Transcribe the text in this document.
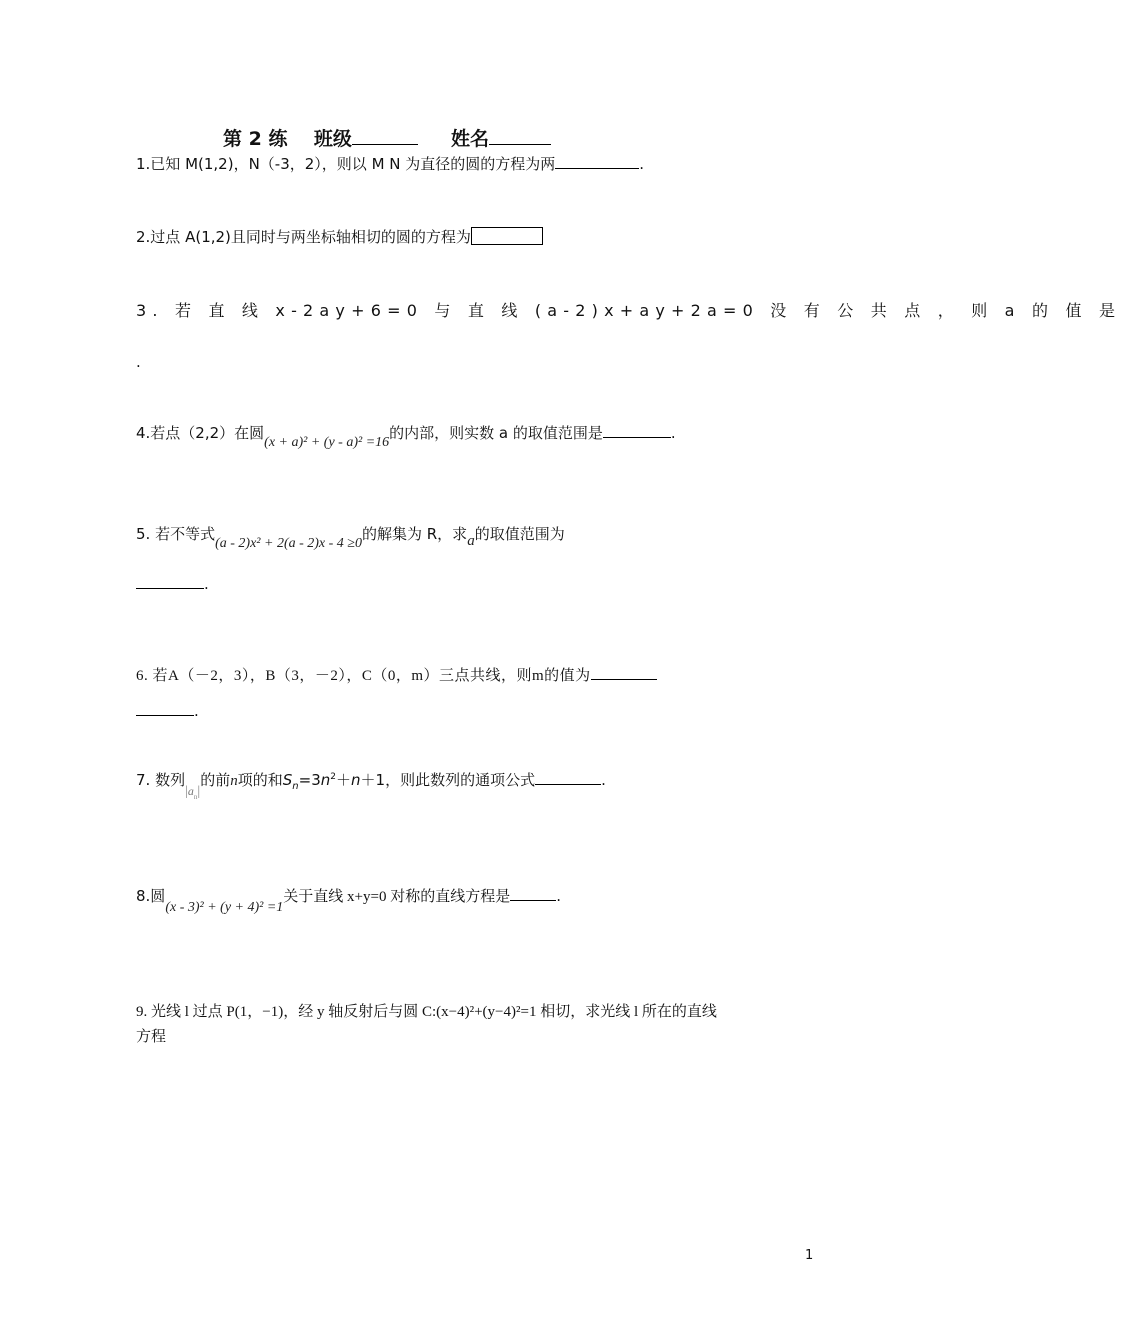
第 2 练 班级	姓名
1.已知 M(1,2)，N（-3，2），则以 M N 为直径的圆的方程为两	.
2.过点 A(1,2)且同时与两坐标轴相切的圆的方程为
3. 若 直 线 x-2ay+6=0 与 直 线 (a-2)x+ay+2a=0 没 有 公 共 点 ， 则 a 的 值 是
.
4.若点（2,2）在圆(x + a)² + (y - a)² =16的内部，则实数 a 的取值范围是	.
5. 若不等式(a - 2)x² + 2(a - 2)x - 4 ≥0的解集为 R，求a的取值范围为
.
6. 若A（－2，3），B（3，－2），C（0，m）三点共线，则m的值为
.
7. 数列$|a_n|$的前n项的和$S_n=3n^2+n+1$，则此数列的通项公式	.
8.圆(x - 3)² + (y + 4)² =1关于直线 x+y=0 对称的直线方程是	.
9. 光线 l 过点 P(1，−1)，经 y 轴反射后与圆 C:(x−4)²+(y−4)²=1 相切，求光线 l 所在的直线
方程
1
